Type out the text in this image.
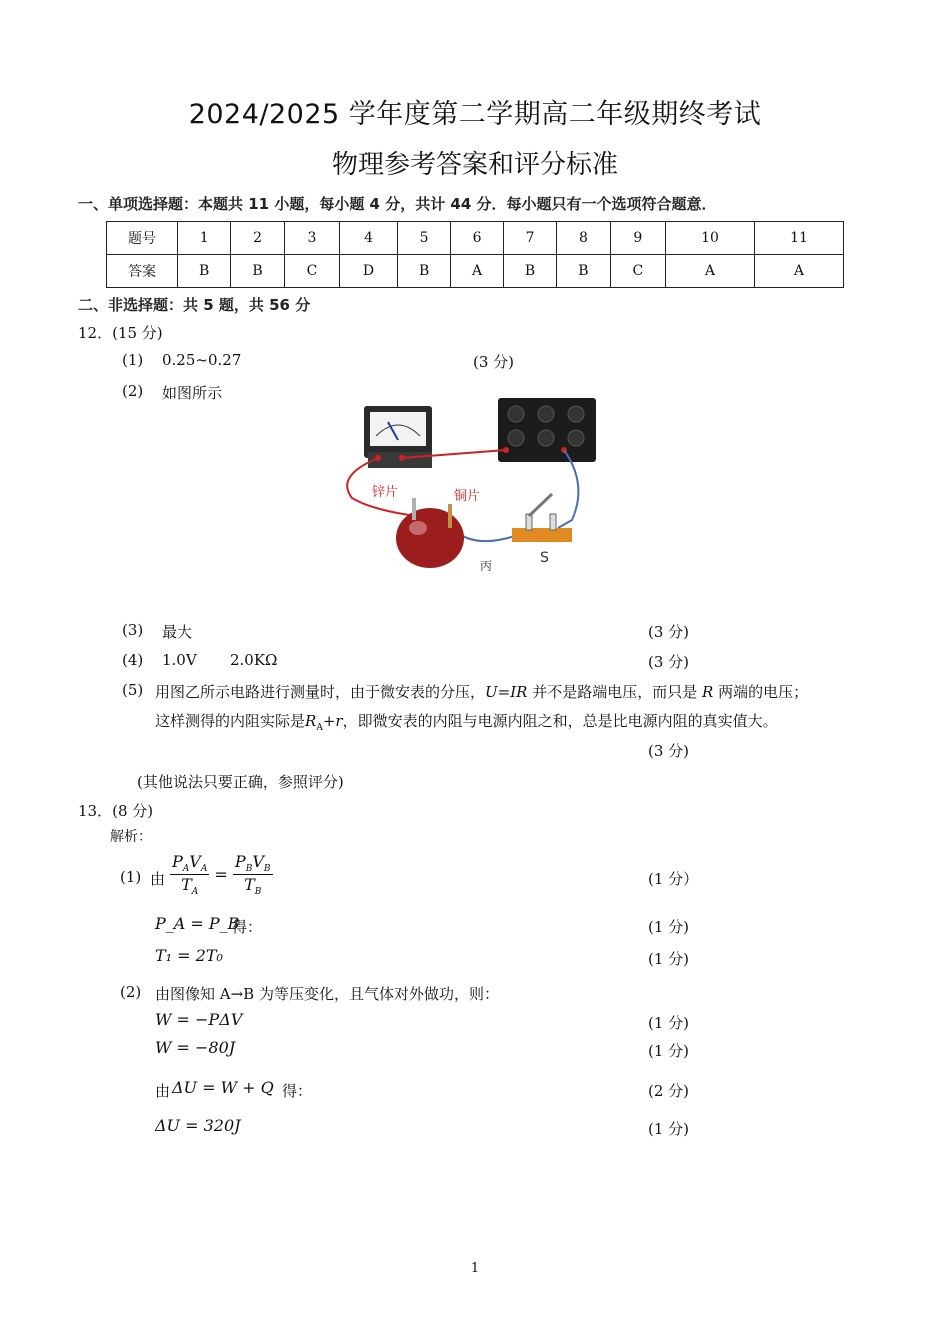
2024/2025 学年度第二学期高二年级期终考试
物理参考答案和评分标准
一、单项选择题：本题共 11 小题，每小题 4 分，共计 44 分．每小题只有一个选项符合题意．
题号	1	2	3	4	5	6	7	8	9	10	11
答案	B	B	C	D	B	A	B	B	C	A	A
二、非选择题：共 5 题，共 56 分
12．(15 分)
(1) 0.25~0.27	(3 分)
(2) 如图所示
锌片	铜片
S
丙
(3) 最大	(3 分)
(4) 1.0V 2.0KΩ	(3 分)
(5) 用图乙所示电路进行测量时，由于微安表的分压，U=IR 并不是路端电压，而只是 R 两端的电压；
这样测得的内阻实际是$R_A+r$，即微安表的内阻与电源内阻之和，总是比电源内阻的真实值大。
(3 分)
(其他说法只要正确，参照评分)
13．(8 分)
解析：
(1) 由 $\frac{P_AV_A}{T_A} = \frac{P_BV_B}{T_B}$	(1 分）
P_A = P_B
得：	(1 分)
T₁ = 2T₀	(1 分)
(2) 由图像知 A→B 为等压变化，且气体对外做功，则：
W = −PΔV	(1 分)
W = −80J	(1 分)
由 ΔU = W + Q 得：	(2 分)
ΔU = 320J	(1 分)
1
